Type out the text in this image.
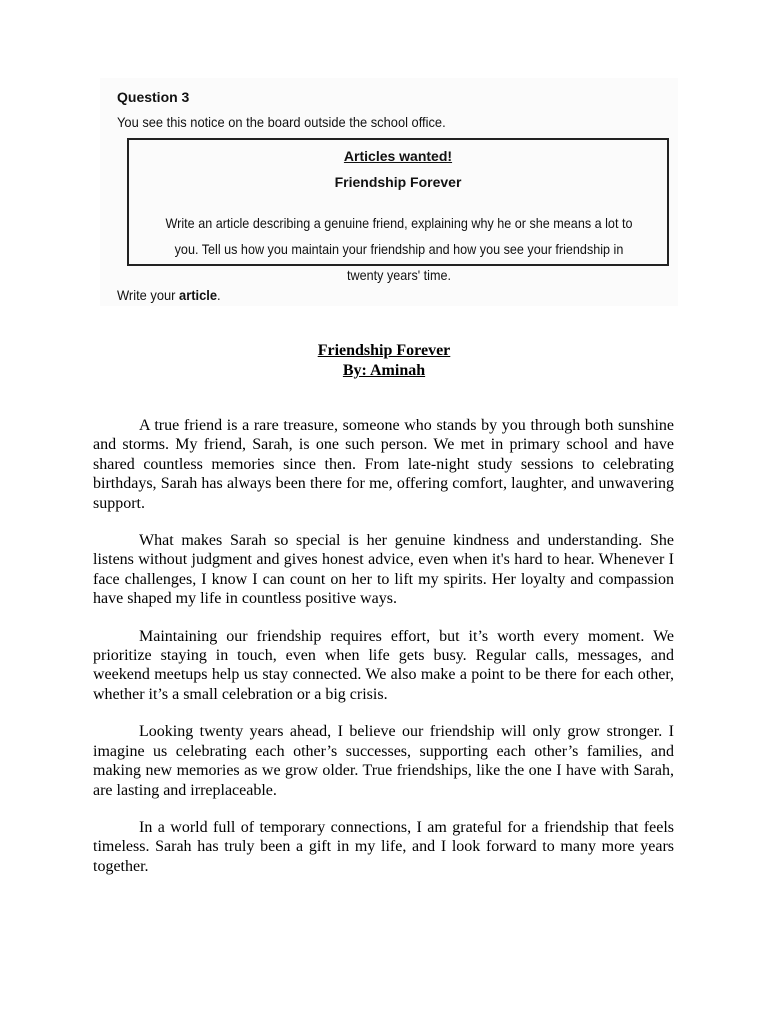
Question 3
You see this notice on the board outside the school office.
Articles wanted!
Friendship Forever
Write an article describing a genuine friend, explaining why he or she means a lot to you. Tell us how you maintain your friendship and how you see your friendship in twenty years' time.
Write your article.
Friendship Forever
By: Aminah

A true friend is a rare treasure, someone who stands by you through both sunshine and storms. My friend, Sarah, is one such person. We met in primary school and have shared countless memories since then. From late-night study sessions to celebrating birthdays, Sarah has always been there for me, offering comfort, laughter, and unwavering support.

What makes Sarah so special is her genuine kindness and understanding. She listens without judgment and gives honest advice, even when it's hard to hear. Whenever I face challenges, I know I can count on her to lift my spirits. Her loyalty and compassion have shaped my life in countless positive ways.

Maintaining our friendship requires effort, but it’s worth every moment. We prioritize staying in touch, even when life gets busy. Regular calls, messages, and weekend meetups help us stay connected. We also make a point to be there for each other, whether it’s a small celebration or a big crisis.

Looking twenty years ahead, I believe our friendship will only grow stronger. I imagine us celebrating each other’s successes, supporting each other’s families, and making new memories as we grow older. True friendships, like the one I have with Sarah, are lasting and irreplaceable.

In a world full of temporary connections, I am grateful for a friendship that feels timeless. Sarah has truly been a gift in my life, and I look forward to many more years together.
